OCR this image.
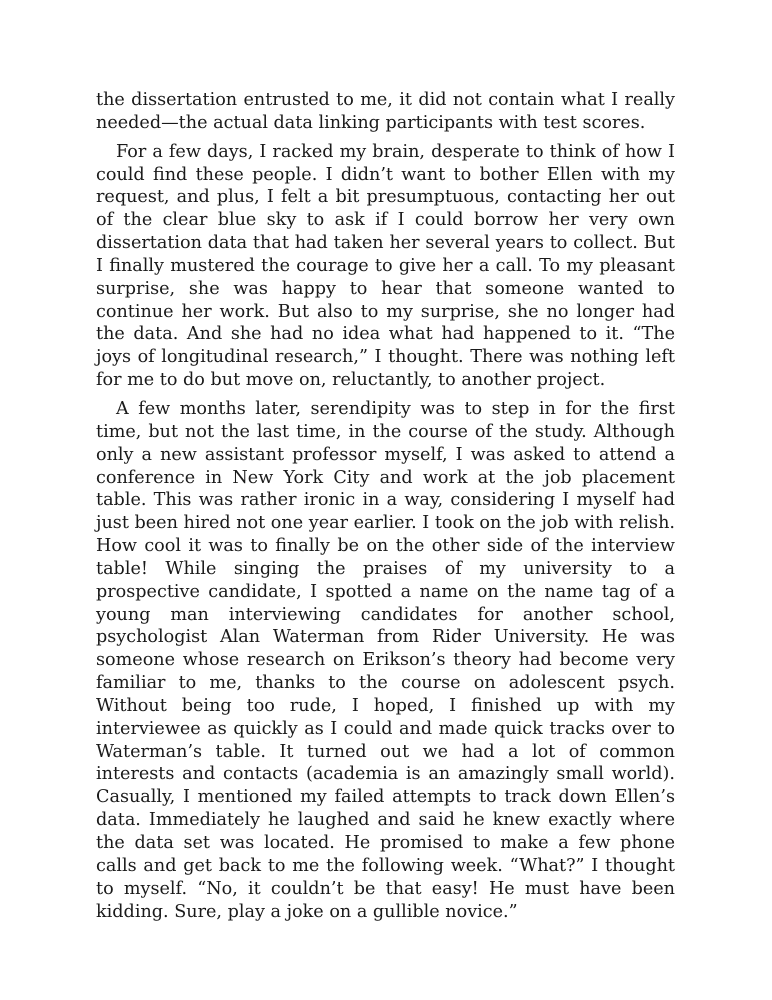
the dissertation entrusted to me, it did not contain what I really needed—the actual data linking participants with test scores.

For a few days, I racked my brain, desperate to think of how I could find these people. I didn’t want to bother Ellen with my request, and plus, I felt a bit presumptuous, contacting her out of the clear blue sky to ask if I could borrow her very own dissertation data that had taken her several years to collect. But I finally mustered the courage to give her a call. To my pleasant surprise, she was happy to hear that someone wanted to continue her work. But also to my surprise, she no longer had the data. And she had no idea what had happened to it. “The joys of longitudinal research,” I thought. There was nothing left for me to do but move on, reluctantly, to another project.

A few months later, serendipity was to step in for the first time, but not the last time, in the course of the study. Although only a new assistant professor myself, I was asked to attend a conference in New York City and work at the job placement table. This was rather ironic in a way, considering I myself had just been hired not one year earlier. I took on the job with relish. How cool it was to finally be on the other side of the interview table! While singing the praises of my university to a prospective candidate, I spotted a name on the name tag of a young man interviewing candidates for another school, psychologist Alan Waterman from Rider University. He was someone whose research on Erikson’s theory had become very familiar to me, thanks to the course on adolescent psych. Without being too rude, I hoped, I finished up with my interviewee as quickly as I could and made quick tracks over to Waterman’s table. It turned out we had a lot of common interests and contacts (academia is an amazingly small world). Casually, I mentioned my failed attempts to track down Ellen’s data. Immediately he laughed and said he knew exactly where the data set was located. He promised to make a few phone calls and get back to me the following week. “What?” I thought to myself. “No, it couldn’t be that easy! He must have been kidding. Sure, play a joke on a gullible novice.”
